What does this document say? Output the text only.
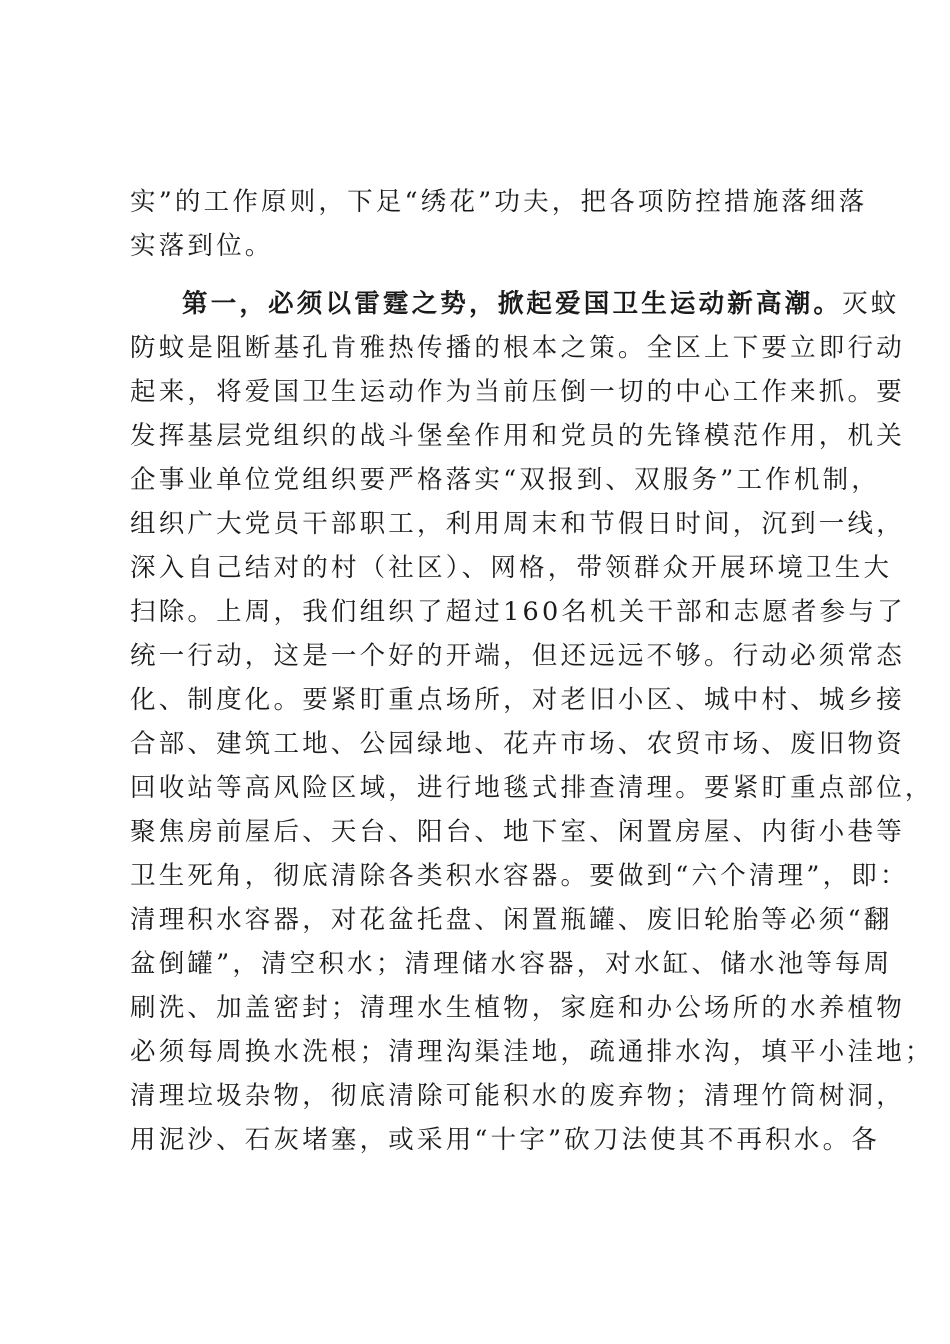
实”的工作原则，下足“绣花”功夫，把各项防控措施落细落
实落到位。
第一，必须以雷霆之势，掀起爱国卫生运动新高潮。灭蚊
防蚊是阻断基孔肯雅热传播的根本之策。全区上下要立即行动
起来，将爱国卫生运动作为当前压倒一切的中心工作来抓。要
发挥基层党组织的战斗堡垒作用和党员的先锋模范作用，机关
企事业单位党组织要严格落实“双报到、双服务”工作机制，
组织广大党员干部职工，利用周末和节假日时间，沉到一线，
深入自己结对的村（社区）、网格，带领群众开展环境卫生大
扫除。上周，我们组织了超过160名机关干部和志愿者参与了
统一行动，这是一个好的开端，但还远远不够。行动必须常态
化、制度化。要紧盯重点场所，对老旧小区、城中村、城乡接
合部、建筑工地、公园绿地、花卉市场、农贸市场、废旧物资
回收站等高风险区域，进行地毯式排查清理。要紧盯重点部位，
聚焦房前屋后、天台、阳台、地下室、闲置房屋、内街小巷等
卫生死角，彻底清除各类积水容器。要做到“六个清理”，即：
清理积水容器，对花盆托盘、闲置瓶罐、废旧轮胎等必须“翻
盆倒罐”，清空积水；清理储水容器，对水缸、储水池等每周
刷洗、加盖密封；清理水生植物，家庭和办公场所的水养植物
必须每周换水洗根；清理沟渠洼地，疏通排水沟，填平小洼地；
清理垃圾杂物，彻底清除可能积水的废弃物；清理竹筒树洞，
用泥沙、石灰堵塞，或采用“十字”砍刀法使其不再积水。各
